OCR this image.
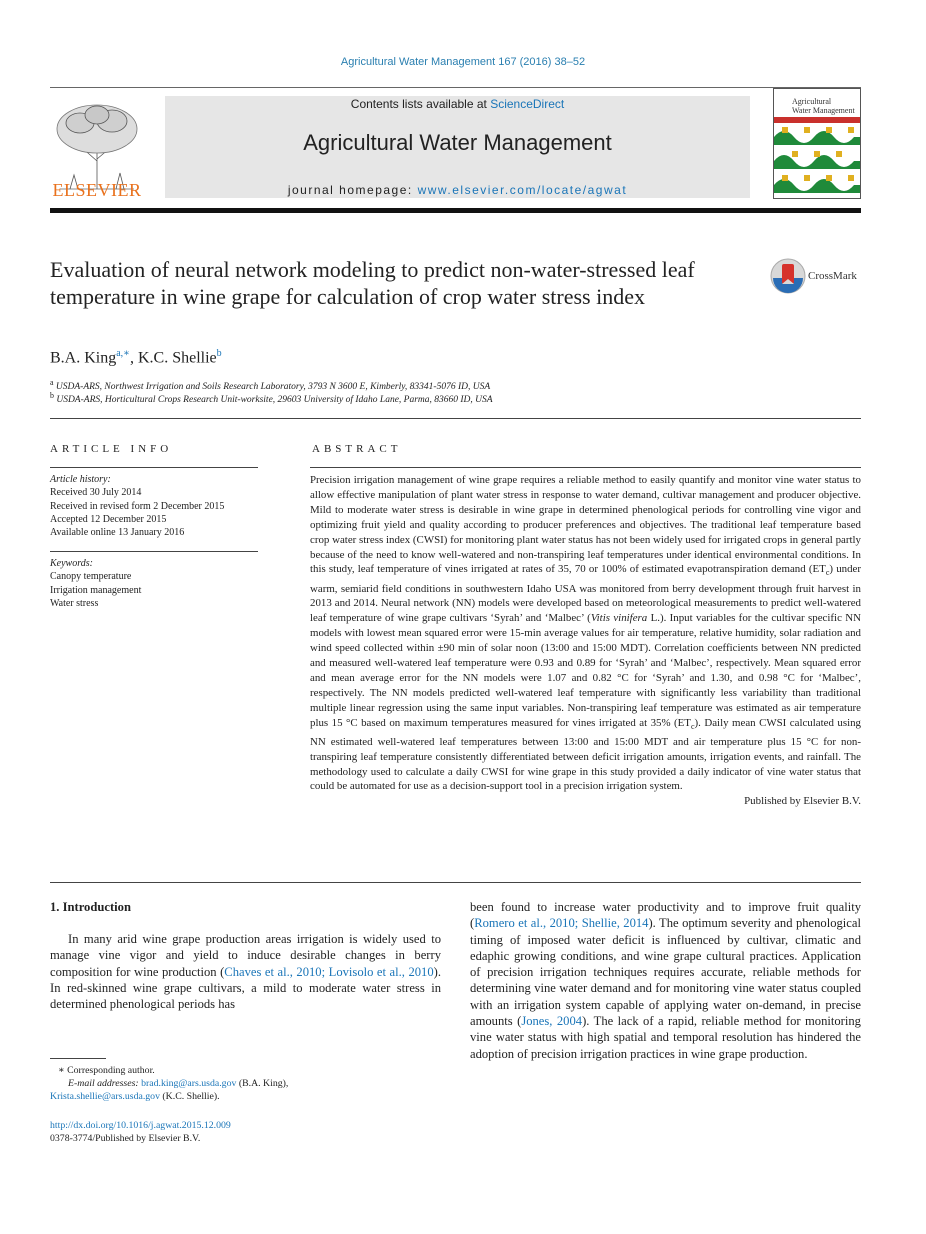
Agricultural Water Management 167 (2016) 38–52
ELSEVIER
Contents lists available at ScienceDirect
Agricultural Water Management
journal homepage: www.elsevier.com/locate/agwat
Agricultural
Water Management
Evaluation of neural network modeling to predict non-water-stressed leaf temperature in wine grape for calculation of crop water stress index
CrossMark
B.A. King$^{a,∗}$, K.C. Shellie$^b$
$^a$ USDA-ARS, Northwest Irrigation and Soils Research Laboratory, 3793 N 3600 E, Kimberly, 83341-5076 ID, USA
$^b$ USDA-ARS, Horticultural Crops Research Unit-worksite, 29603 University of Idaho Lane, Parma, 83660 ID, USA
ARTICLE INFO
Article history:
Received 30 July 2014
Received in revised form 2 December 2015
Accepted 12 December 2015
Available online 13 January 2016
Keywords:
Canopy temperature
Irrigation management
Water stress
ABSTRACT
Precision irrigation management of wine grape requires a reliable method to easily quantify and monitor vine water status to allow effective manipulation of plant water stress in response to water demand, cultivar management and producer objective. Mild to moderate water stress is desirable in wine grape in determined phenological periods for controlling vine vigor and optimizing fruit yield and quality according to producer preferences and objectives. The traditional leaf temperature based crop water stress index (CWSI) for monitoring plant water status has not been widely used for irrigated crops in general partly because of the need to know well-watered and non-transpiring leaf temperatures under identical environmental conditions. In this study, leaf temperature of vines irrigated at rates of 35, 70 or 100% of estimated evapotranspiration demand $(ET_c)$ under warm, semiarid field conditions in southwestern Idaho USA was monitored from berry development through fruit harvest in 2013 and 2014. Neural network (NN) models were developed based on meteorological measurements to predict well-watered leaf temperature of wine grape cultivars ‘Syrah’ and ‘Malbec’ (Vitis vinifera L.). Input variables for the cultivar specific NN models with lowest mean squared error were 15-min average values for air temperature, relative humidity, solar radiation and wind speed collected within ±90 min of solar noon (13:00 and 15:00 MDT). Correlation coefficients between NN predicted and measured well-watered leaf temperature were 0.93 and 0.89 for ‘Syrah’ and ‘Malbec’, respectively. Mean squared error and mean average error for the NN models were 1.07 and 0.82 °C for ‘Syrah’ and 1.30, and 0.98 °C for ‘Malbec’, respectively. The NN models predicted well-watered leaf temperature with significantly less variability than traditional multiple linear regression using the same input variables. Non-transpiring leaf temperature was estimated as air temperature plus 15 °C based on maximum temperatures measured for vines irrigated at 35% $(ET_c)$. Daily mean CWSI calculated using NN estimated well-watered leaf temperatures between 13:00 and 15:00 MDT and air temperature plus 15 °C for non-transpiring leaf temperature consistently differentiated between deficit irrigation amounts, irrigation events, and rainfall. The methodology used to calculate a daily CWSI for wine grape in this study provided a daily indicator of vine water status that could be automated for use as a decision-support tool in a precision irrigation system.
Published by Elsevier B.V.
1. Introduction
In many arid wine grape production areas irrigation is widely used to manage vine vigor and yield to induce desirable changes in berry composition for wine production (Chaves et al., 2010; Lovisolo et al., 2010). In red-skinned wine grape cultivars, a mild to moderate water stress in determined phenological periods has
been found to increase water productivity and to improve fruit quality (Romero et al., 2010; Shellie, 2014). The optimum severity and phenological timing of imposed water deficit is influenced by cultivar, climatic and edaphic growing conditions, and wine grape cultural practices. Application of precision irrigation techniques requires accurate, reliable methods for determining vine water demand and for monitoring vine water status coupled with an irrigation system capable of applying water on-demand, in precise amounts (Jones, 2004). The lack of a rapid, reliable method for monitoring vine water status with high spatial and temporal resolution has hindered the adoption of precision irrigation practices in wine grape production.
∗ Corresponding author.
E-mail addresses: brad.king@ars.usda.gov (B.A. King),
Krista.shellie@ars.usda.gov (K.C. Shellie).
http://dx.doi.org/10.1016/j.agwat.2015.12.009
0378-3774/Published by Elsevier B.V.
